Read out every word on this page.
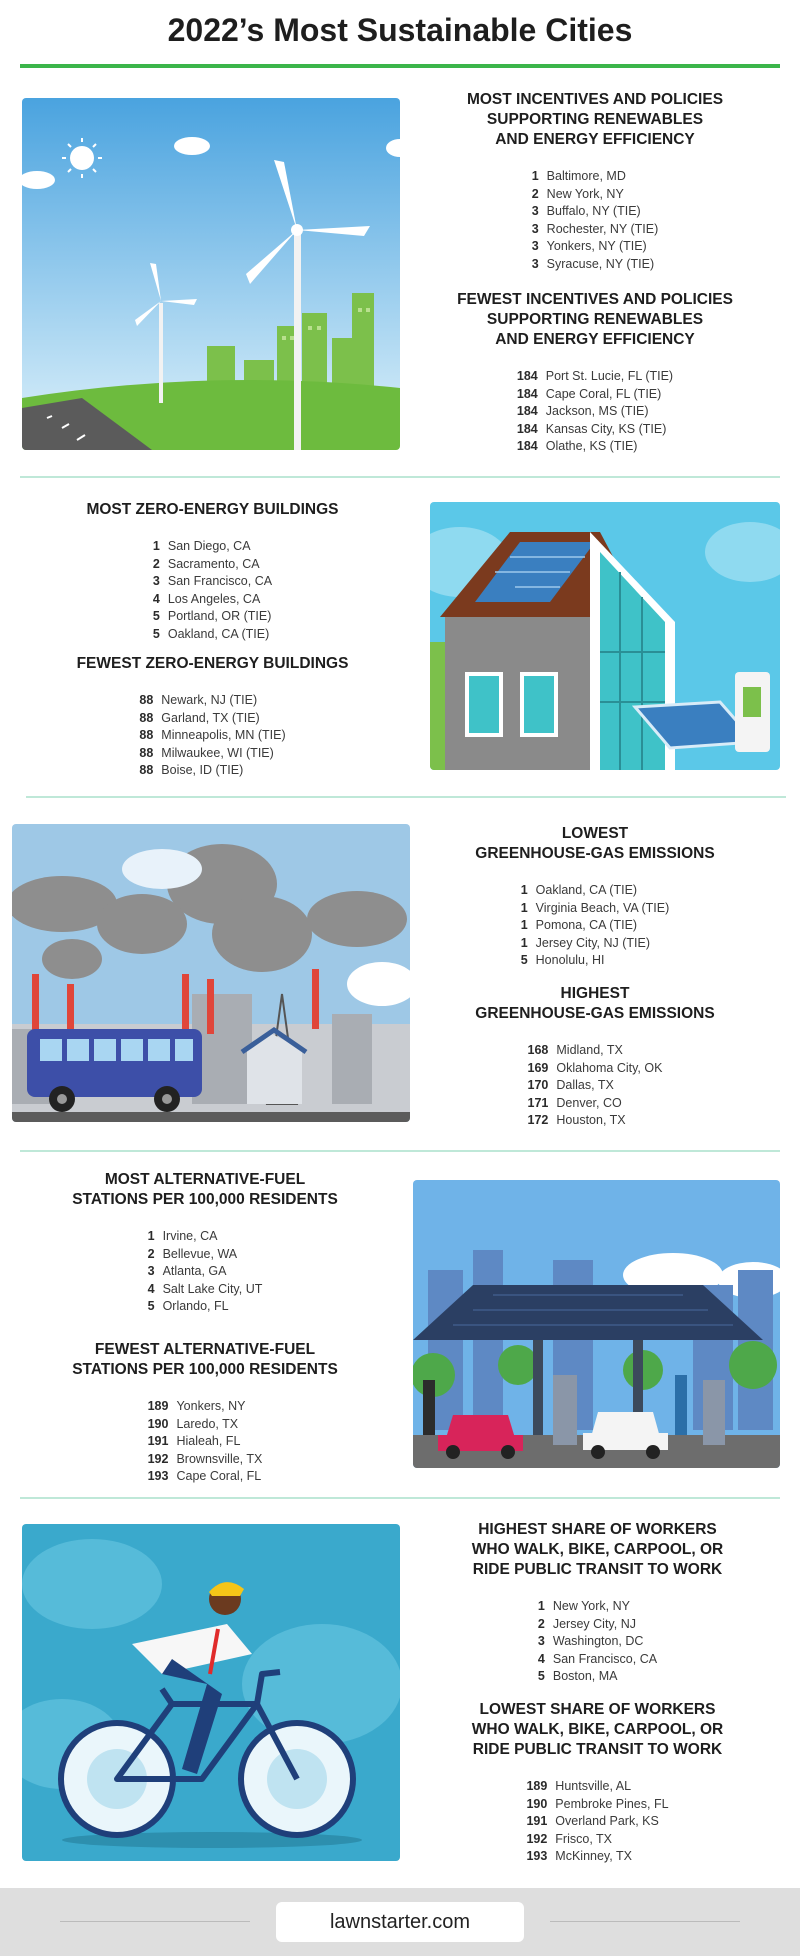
2022’s Most Sustainable Cities
MOST INCENTIVES AND POLICIES
SUPPORTING RENEWABLES
AND ENERGY EFFICIENCY
1	Baltimore, MD
2	New York, NY
3	Buffalo, NY (TIE)
3	Rochester, NY (TIE)
3	Yonkers, NY (TIE)
3	Syracuse, NY (TIE)
FEWEST INCENTIVES AND POLICIES
SUPPORTING RENEWABLES
AND ENERGY EFFICIENCY
184	Port St. Lucie, FL (TIE)
184	Cape Coral, FL (TIE)
184	Jackson, MS (TIE)
184	Kansas City, KS (TIE)
184	Olathe, KS (TIE)
MOST ZERO-ENERGY BUILDINGS
1	San Diego, CA
2	Sacramento, CA
3	San Francisco, CA
4	Los Angeles, CA
5	Portland, OR (TIE)
5	Oakland, CA (TIE)
FEWEST ZERO-ENERGY BUILDINGS
88	Newark, NJ (TIE)
88	Garland, TX (TIE)
88	Minneapolis, MN (TIE)
88	Milwaukee, WI (TIE)
88	Boise, ID (TIE)
LOWEST
GREENHOUSE-GAS EMISSIONS
1	Oakland, CA (TIE)
1	Virginia Beach, VA (TIE)
1	Pomona, CA (TIE)
1	Jersey City, NJ (TIE)
5	Honolulu, HI
HIGHEST
GREENHOUSE-GAS EMISSIONS
168	Midland, TX
169	Oklahoma City, OK
170	Dallas, TX
171	Denver, CO
172	Houston, TX
MOST ALTERNATIVE-FUEL
STATIONS PER 100,000 RESIDENTS
1	Irvine, CA
2	Bellevue, WA
3	Atlanta, GA
4	Salt Lake City, UT
5	Orlando, FL
FEWEST ALTERNATIVE-FUEL
STATIONS PER 100,000 RESIDENTS
189	Yonkers, NY
190	Laredo, TX
191	Hialeah, FL
192	Brownsville, TX
193	Cape Coral, FL
HIGHEST SHARE OF WORKERS
WHO WALK, BIKE, CARPOOL, OR
RIDE PUBLIC TRANSIT TO WORK
1	New York, NY
2	Jersey City, NJ
3	Washington, DC
4	San Francisco, CA
5	Boston, MA
LOWEST SHARE OF WORKERS
WHO WALK, BIKE, CARPOOL, OR
RIDE PUBLIC TRANSIT TO WORK
189	Huntsville, AL
190	Pembroke Pines, FL
191	Overland Park, KS
192	Frisco, TX
193	McKinney, TX
lawnstarter.com
